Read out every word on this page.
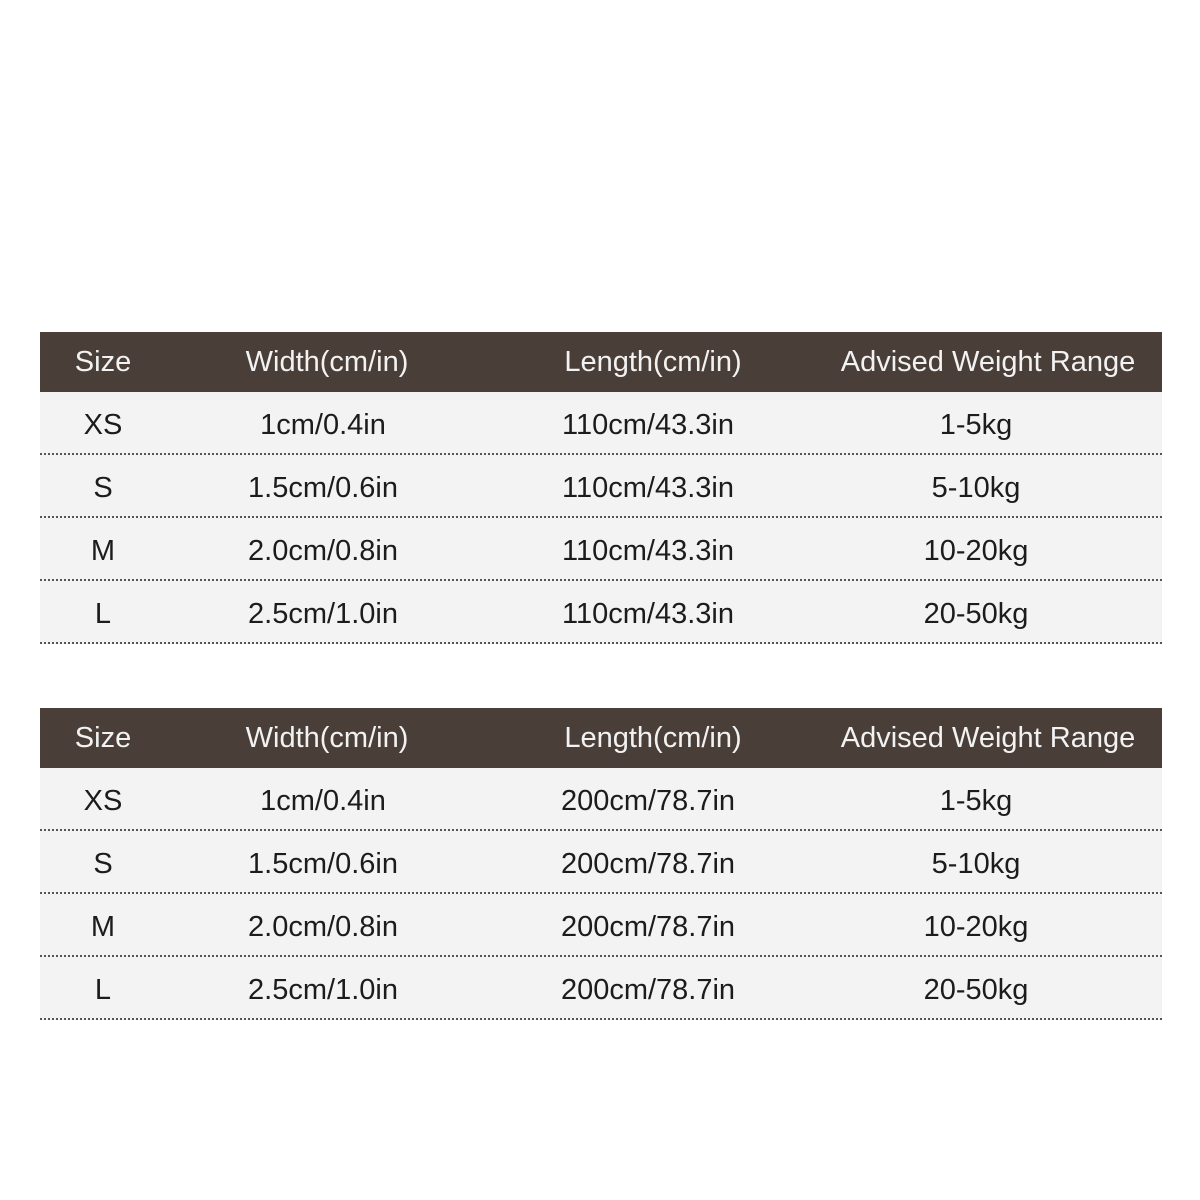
Size	Width(cm/in)	Length(cm/in)	Advised Weight Range
XS	1cm/0.4in	110cm/43.3in	1-5kg
S	1.5cm/0.6in	110cm/43.3in	5-10kg
M	2.0cm/0.8in	110cm/43.3in	10-20kg
L	2.5cm/1.0in	110cm/43.3in	20-50kg
Size	Width(cm/in)	Length(cm/in)	Advised Weight Range
XS	1cm/0.4in	200cm/78.7in	1-5kg
S	1.5cm/0.6in	200cm/78.7in	5-10kg
M	2.0cm/0.8in	200cm/78.7in	10-20kg
L	2.5cm/1.0in	200cm/78.7in	20-50kg
